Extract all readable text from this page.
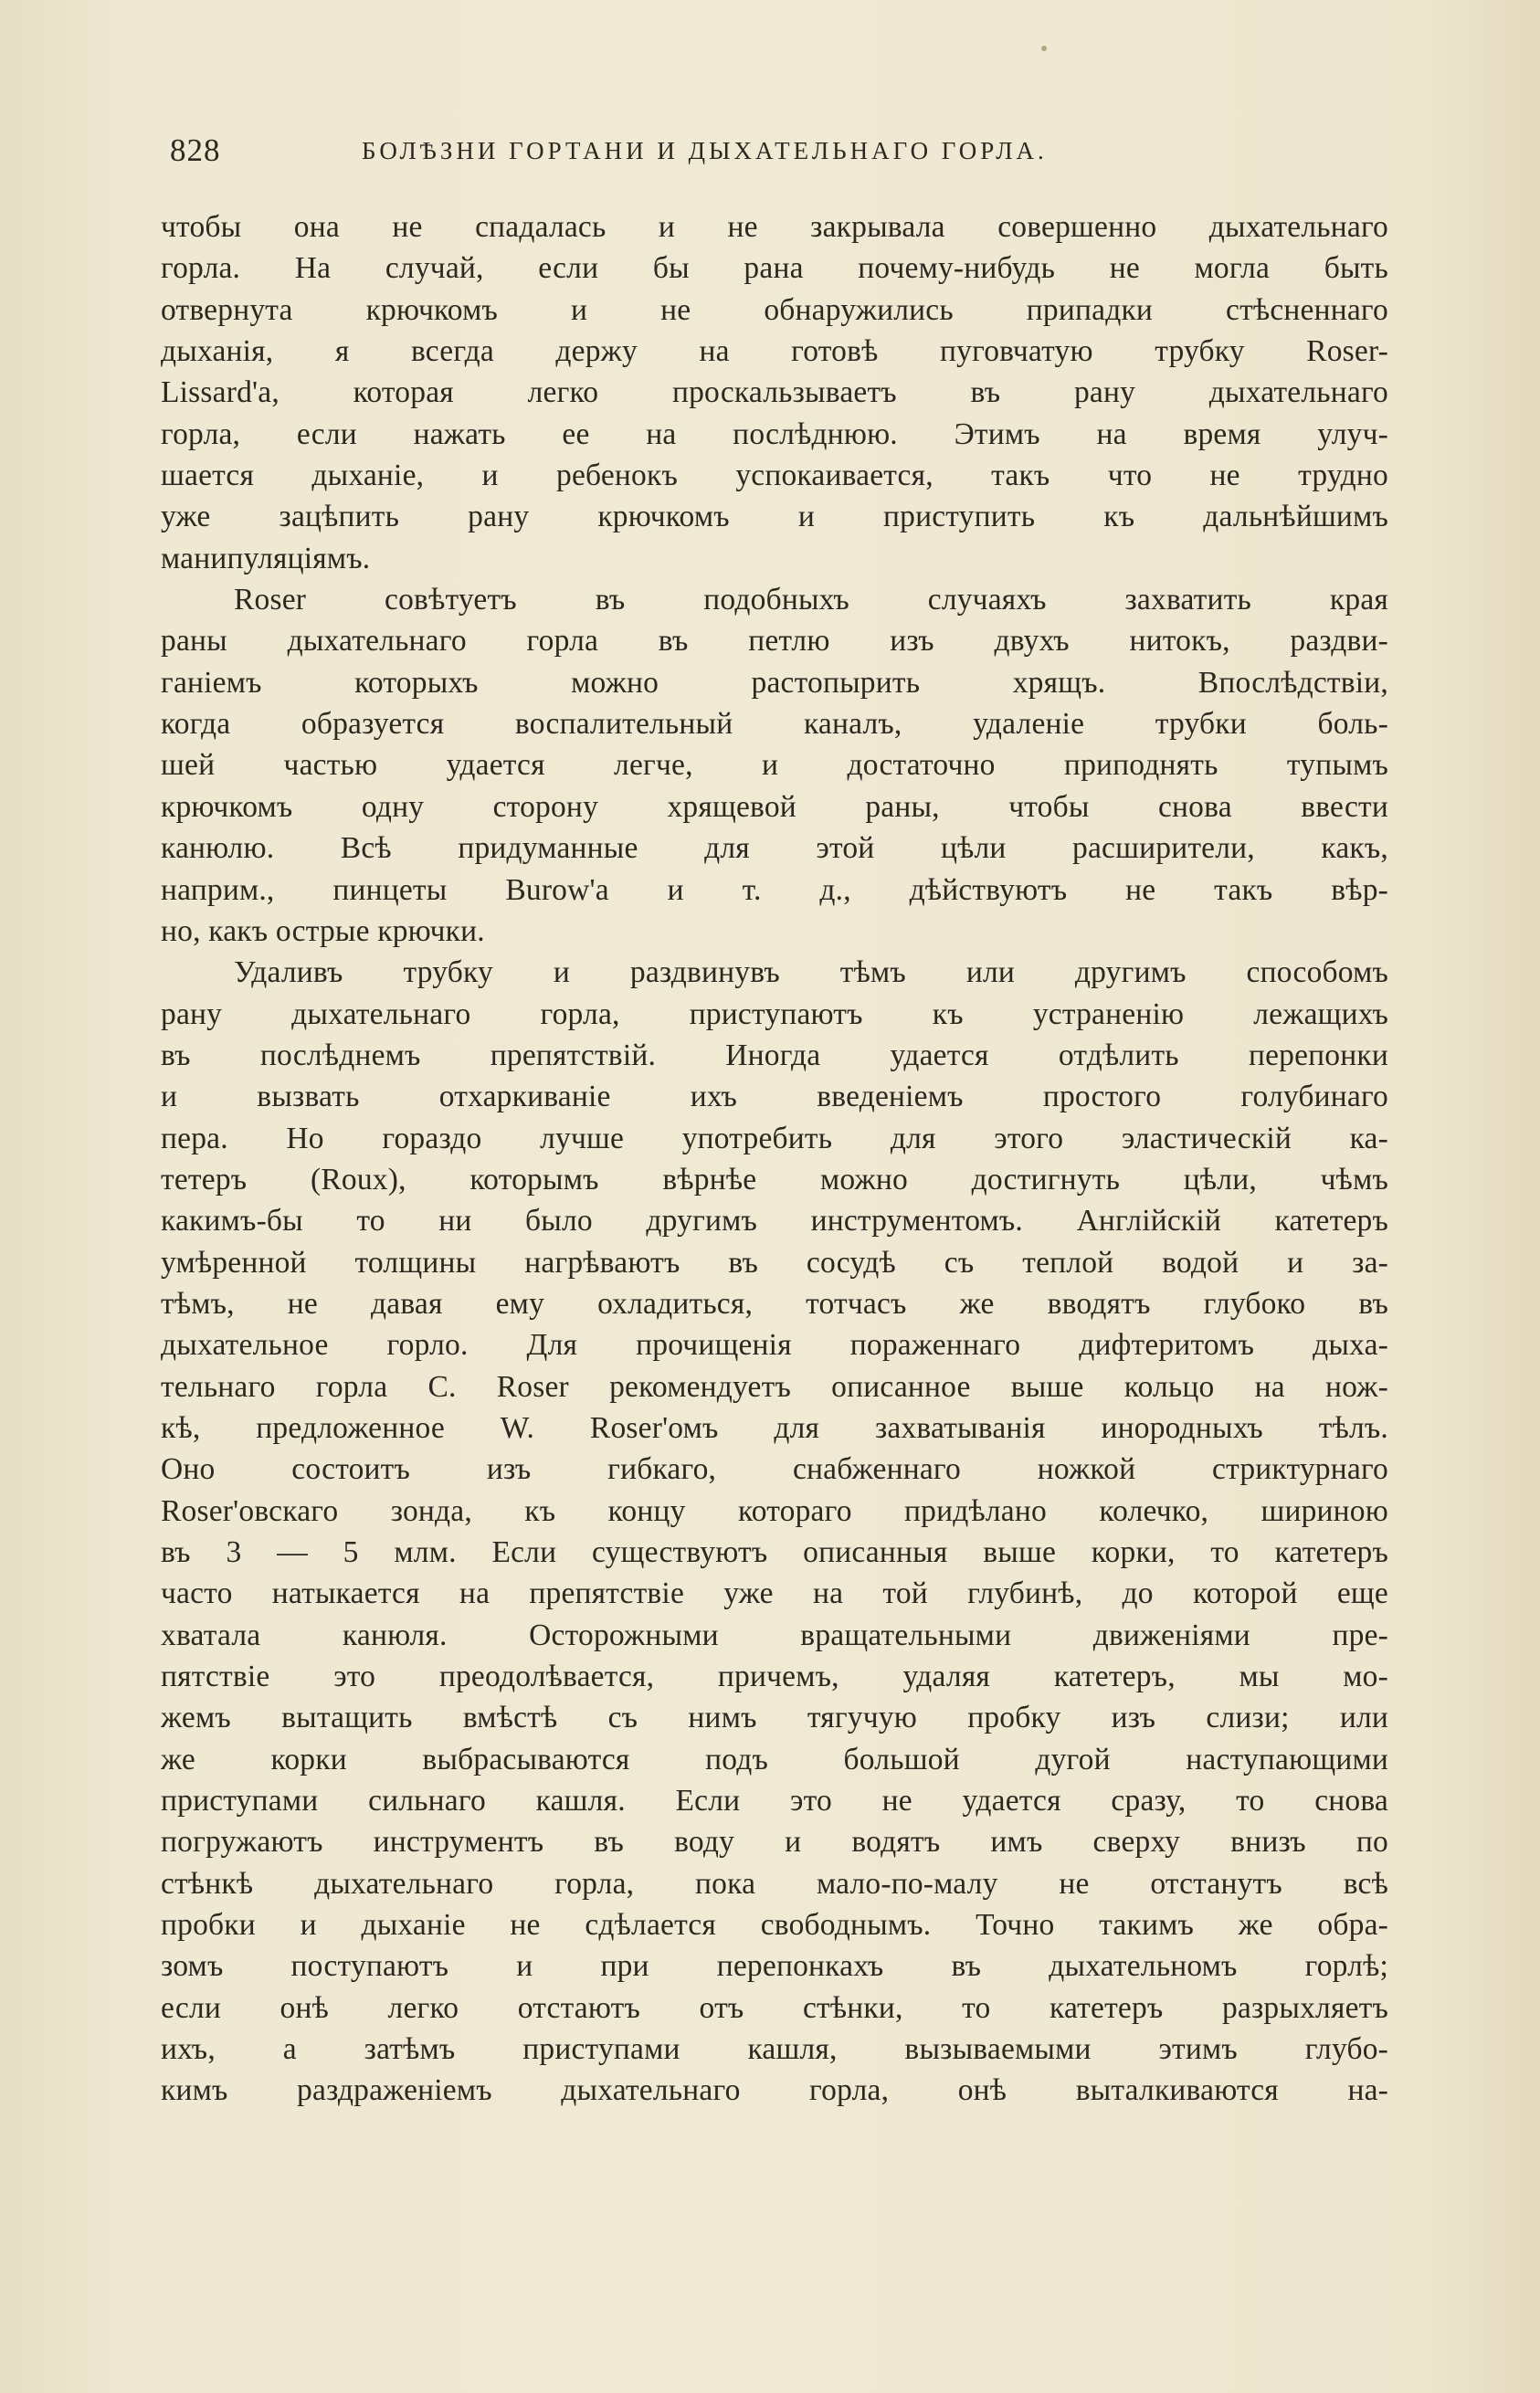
828	БОЛѢЗНИ ГОРТАНИ И ДЫХАТЕЛЬНАГО ГОРЛА.
чтобы она не спадалась и не закрывала совершенно дыхательнаго
горла. На случай, если бы рана почему-нибудь не могла быть
отвернута крючкомъ и не обнаружились припадки стѣсненнаго
дыханія, я всегда держу на готовѣ пуговчатую трубку Roser-
Lissard'а, которая легко проскальзываетъ въ рану дыхательнаго
горла, если нажать ее на послѣднюю. Этимъ на время улуч-
шается дыханіе, и ребенокъ успокаивается, такъ что не трудно
уже зацѣпить рану крючкомъ и приступить къ дальнѣйшимъ
манипуляціямъ.
Roser совѣтуетъ въ подобныхъ случаяхъ захватить края
раны дыхательнаго горла въ петлю изъ двухъ нитокъ, раздви-
ганіемъ которыхъ можно растопырить хрящъ. Впослѣдствіи,
когда образуется воспалительный каналъ, удаленіе трубки боль-
шей частью удается легче, и достаточно приподнять тупымъ
крючкомъ одну сторону хрящевой раны, чтобы снова ввести
канюлю. Всѣ придуманные для этой цѣли расширители, какъ,
наприм., пинцеты Burow'а и т. д., дѣйствуютъ не такъ вѣр-
но, какъ острые крючки.
Удаливъ трубку и раздвинувъ тѣмъ или другимъ способомъ
рану дыхательнаго горла, приступаютъ къ устраненію лежащихъ
въ послѣднемъ препятствій. Иногда удается отдѣлить перепонки
и вызвать отхаркиваніе ихъ введеніемъ простого голубинаго
пера. Но гораздо лучше употребить для этого эластическій ка-
тетеръ (Roux), которымъ вѣрнѣе можно достигнуть цѣли, чѣмъ
какимъ-бы то ни было другимъ инструментомъ. Англійскій катетеръ
умѣренной толщины нагрѣваютъ въ сосудѣ съ теплой водой и за-
тѣмъ, не давая ему охладиться, тотчасъ же вводятъ глубоко въ
дыхательное горло. Для прочищенія пораженнаго дифтеритомъ дыха-
тельнаго горла C. Roser рекомендуетъ описанное выше кольцо на нож-
кѣ, предложенное W. Roser'омъ для захватыванія инородныхъ тѣлъ.
Оно состоитъ изъ гибкаго, снабженнаго ножкой стриктурнаго
Roser'овскаго зонда, къ концу котораго придѣлано колечко, шириною
въ 3 — 5 млм. Если существуютъ описанныя выше корки, то катетеръ
часто натыкается на препятствіе уже на той глубинѣ, до которой еще
хватала канюля. Осторожными вращательными движеніями пре-
пятствіе это преодолѣвается, причемъ, удаляя катетеръ, мы мо-
жемъ вытащить вмѣстѣ съ нимъ тягучую пробку изъ слизи; или
же корки выбрасываются подъ большой дугой наступающими
приступами сильнаго кашля. Если это не удается сразу, то снова
погружаютъ инструментъ въ воду и водятъ имъ сверху внизъ по
стѣнкѣ дыхательнаго горла, пока мало-по-малу не отстанутъ всѣ
пробки и дыханіе не сдѣлается свободнымъ. Точно такимъ же обра-
зомъ поступаютъ и при перепонкахъ въ дыхательномъ горлѣ;
если онѣ легко отстаютъ отъ стѣнки, то катетеръ разрыхляетъ
ихъ, а затѣмъ приступами кашля, вызываемыми этимъ глубо-
кимъ раздраженіемъ дыхательнаго горла, онѣ выталкиваются на-
